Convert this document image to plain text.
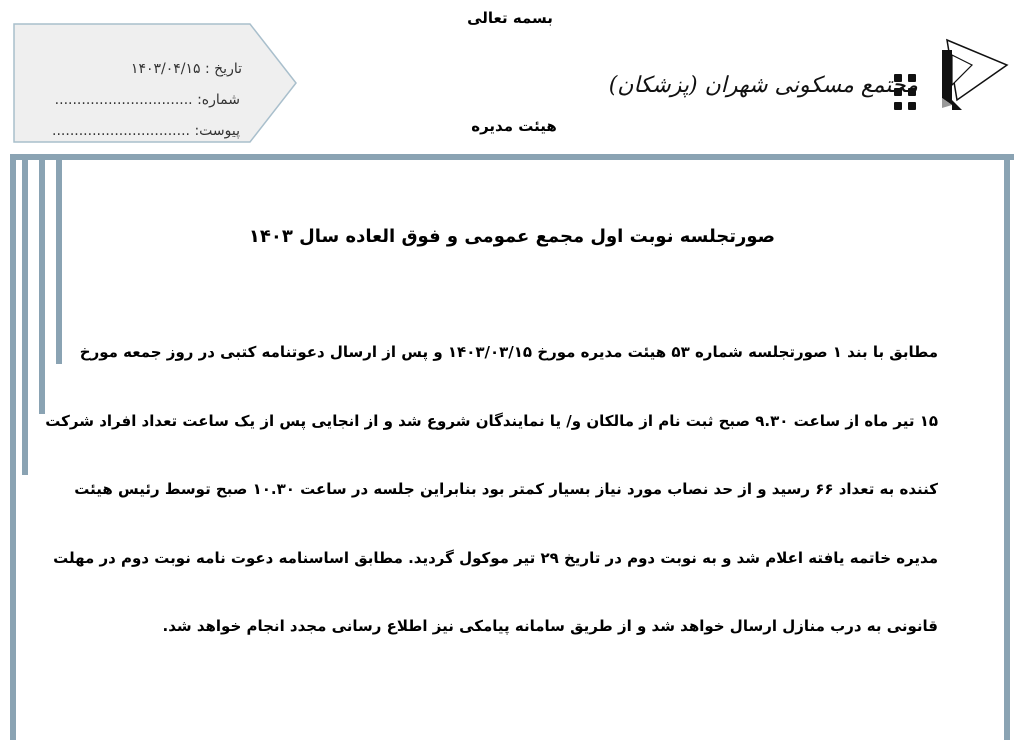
بسمه تعالی
تاریخ : ۱۴۰۳/۰۴/۱۵
شماره: ...............................
پیوست: ...............................
مجتمع مسکونی شهران (پزشکان)
هیئت مدیره
صورتجلسه نوبت اول مجمع عمومی و فوق العاده سال ۱۴۰۳
مطابق با بند ۱ صورتجلسه شماره ۵۳ هیئت مدیره مورخ ۱۴۰۳/۰۳/۱۵ و پس از ارسال دعوتنامه کتبی در روز جمعه مورخ
۱۵ تیر ماه از ساعت ۹.۳۰ صبح ثبت نام از مالکان و/ یا نمایندگان شروع شد و از انجایی پس از یک ساعت تعداد افراد شرکت
کننده به تعداد ۶۶ رسید و از حد نصاب مورد نیاز بسیار کمتر بود بنابراین جلسه در ساعت ۱۰.۳۰ صبح توسط رئیس هیئت
مدیره خاتمه یافته اعلام شد و به نوبت دوم در تاریخ ۲۹ تیر موکول گردید. مطابق اساسنامه دعوت نامه نوبت دوم در مهلت
قانونی به درب منازل ارسال خواهد شد و از طریق سامانه پیامکی نیز اطلاع رسانی مجدد انجام خواهد شد.
